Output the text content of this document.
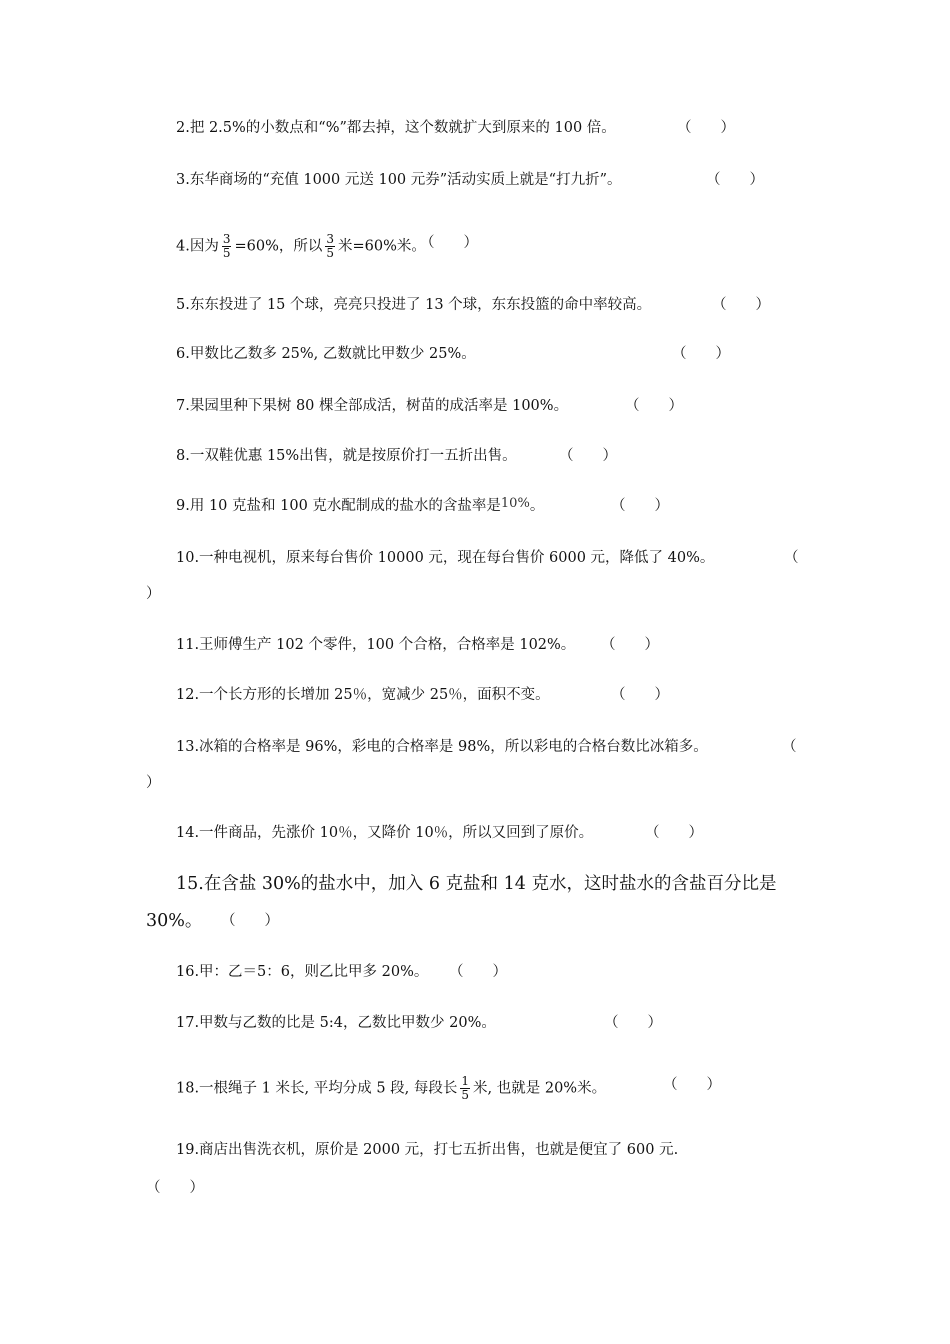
2.把 2.5%的小数点和“%”都去掉，这个数就扩大到原来的 100 倍。	（　　）
3.东华商场的“充值 1000 元送 100 元券”活动实质上就是“打九折”。	（　　）
4.因为 $\frac{3}{5} =60\%$，所以 $\frac{3}{5}$ 米=60%米。
（　　）
5.东东投进了 15 个球，亮亮只投进了 13 个球，东东投篮的命中率较高。	（　　）
6.甲数比乙数多 25%, 乙数就比甲数少 25%。	（　　）
7.果园里种下果树 80 棵全部成活，树苗的成活率是 100%。	（　　）
8.一双鞋优惠 15%出售，就是按原价打一五折出售。	（　　）
9.用 10 克盐和 100 克水配制成的盐水的含盐率是10%。	（　　）
10.一种电视机，原来每台售价 10000 元，现在每台售价 6000 元，降低了 40%。	（
）
11.王师傅生产 102 个零件，100 个合格，合格率是 102%。 （　　）
12.一个长方形的长增加 25％，宽减少 25％，面积不变。	（　　）
13.冰箱的合格率是 96%，彩电的合格率是 98%，所以彩电的合格台数比冰箱多。	（
）
14.一件商品，先涨价 10％，又降价 10％，所以又回到了原价。	（　　）
15.在含盐 30%的盐水中，加入 6 克盐和 14 克水，这时盐水的含盐百分比是
30%。 （　　）
16.甲：乙＝5：6，则乙比甲多 20%。 （　　）
17.甲数与乙数的比是 5:4，乙数比甲数少 20%。	（　　）
18.一根绳子 1 米长, 平均分成 5 段, 每段长 $\frac{1}{5}$ 米, 也就是 20%米。	（　　）
19.商店出售洗衣机，原价是 2000 元，打七五折出售，也就是便宜了 600 元.
（　　）
